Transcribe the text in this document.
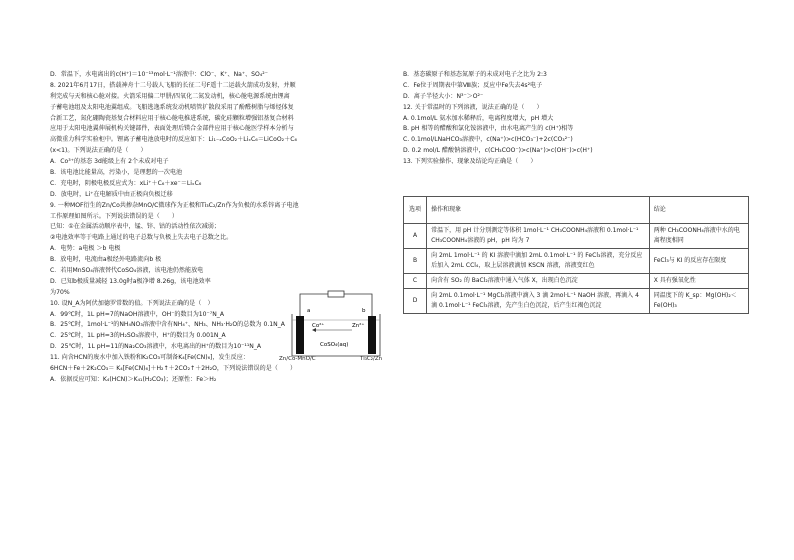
D．常温下，水电离出的c(H⁺)＝10⁻¹³mol·L⁻¹溶液中：ClO⁻、K⁺、Na⁺、SO₄²⁻
8. 2021年6月17日，搭载神舟十二号载人飞船的长征二号F遥十二运载火箭成功发射，并顺
利完成与天和核心舱对接。火箭采用偏二甲肼/四氧化二氮发动机，核心舱电源系统由锂离
子蓄电池组及太阳电池翼组成。飞船逃逸系统发动机喷管扩散段采用了酚醛树脂与烯烃体复
合新工艺，氮化硼陶瓷基复合材料应用于核心舱电推进系统，碳化硅颗粒增强铝基复合材料
应用于太阳电池翼伸展机构关键部件，表面处理后镁合金部件应用于核心舱医学样本分析与
高微重力科学实验柜中。锂离子蓄电池放电时的反应如下：Li₁₋ₓCoO₂＋LiₓC₆＝LiCoO₂＋C₆
(x<1)。下列说法正确的是（　　）
A．Co³⁺的基态 3d能级上有 2个未成对电子
B．该电池比能量高，污染小，是理想的一次电池
C．充电时，阴极电极反应式为：xLi⁺＋C₆＋xe⁻＝LiₓC₆
D．放电时，Li⁺在电解质中由正极向负极迁移
9. 一种MOF衍生的Zn/Co共掺杂MnO/C微球作为正极和Ti₃C₂/Zn作为负极的水系锌离子电池
工作原理如图所示。下列说法错误的是（　　）
已知：①在金属活动顺序表中，锰、锌、钴的活动性依次减弱；
②电池效率等于电路上通过的电子总数与负极上失去电子总数之比。
A．电势：a电极 ＞b 电极
B．放电时，电流由a极经外电路流向b 极
C．若用MnSO₄溶液替代CoSO₄溶液，该电池仍然能放电
D．已知b极质量减轻 13.0g时a极净增 8.26g，该电池效率
为70%
10. 设N_A为阿伏加德罗常数的值。下列说法正确的是（　）
A．99℃时，1L pH=7的NaOH溶液中，OH⁻的数目为10⁻⁷N_A
B．25℃时，1mol·L⁻¹的NH₄NO₃溶液中含有NH₄⁺、NH₃、NH₃·H₂O的总数为 0.1N_A
C．25℃时，1L pH=3的H₂SO₃溶液中，H⁺的数目为 0.001N_A
D．25℃时，1L pH=11的Na₂CO₃溶液中，水电离出的H⁺的数目为10⁻¹¹N_A
11. 向含HCN的废水中加入铁粉和K₂CO₃可制备K₄[Fe(CN)₆]，发生反应：
6HCN＋Fe＋2K₂CO₃＝ K₄[Fe(CN)₆]＋H₂↑＋2CO₂↑＋2H₂O，下列说法错误的是（　　）
A．依据反应可知：K₄(HCN)＞K₄₁(H₂CO₃)；还原性：Fe＞H₂
a	b
Co²⁺	Zn²⁺
CoSO₄(aq)
Zn/Co-MnO/C	Ti₃C₂/Zn
B．基态碳原子和基态氮原子的未成对电子之比为 2:3
C．Fe位于周期表中第Ⅷ族；反应中Fe失去4s²电子
D．离子半径大小：N³⁻＞O²⁻
12. 关于常温时的下列溶液，说法正确的是（　　）
A. 0.1mol/L 氨水加水稀释后，电离程度增大，pH 增大
B. pH 相等的醋酸和氯化铵溶液中，由水电离产生的 c(H⁺)相等
C. 0.1mol/LNaHCO₃溶液中，c(Na⁺)>c(HCO₃⁻)+2c(CO₃²⁻)
D. 0.2 mol/L 醋酸钠溶液中，c(CH₃COO⁻)>c(Na⁺)>c(OH⁻)>c(H⁺)
13. 下列实验操作、现象及结论均正确是（　　）
选项	操作和现象	结论
A	常温下，用 pH 计分别测定等体积 1mol·L⁻¹ CH₃COONH₄溶液和 0.1mol·L⁻¹ CH₃COONH₄溶液的 pH，pH 均为 7	两种 CH₃COONH₄溶液中水的电离程度相同
B	向 2mL 1mol·L⁻¹ 的 KI 溶液中滴加 2mL 0.1mol·L⁻¹ 的 FeCl₃溶液，充分反应后加入 2mL CCl₄，取上层溶液滴加 KSCN 溶液，溶液变红色	FeCl₃与 KI 的反应存在限度
C	向含有 SO₂ 的 BaCl₂溶液中通入气体 X，出现白色沉淀	X 具有强氧化性
D	向 2mL 0.1mol·L⁻¹ MgCl₂溶液中滴入 3 滴 2mol·L⁻¹ NaOH 溶液，再滴入 4 滴 0.1mol·L⁻¹ FeCl₃溶液，先产生白色沉淀，后产生红褐色沉淀	同温度下的 K_sp：Mg(OH)₂＜Fe(OH)₃
